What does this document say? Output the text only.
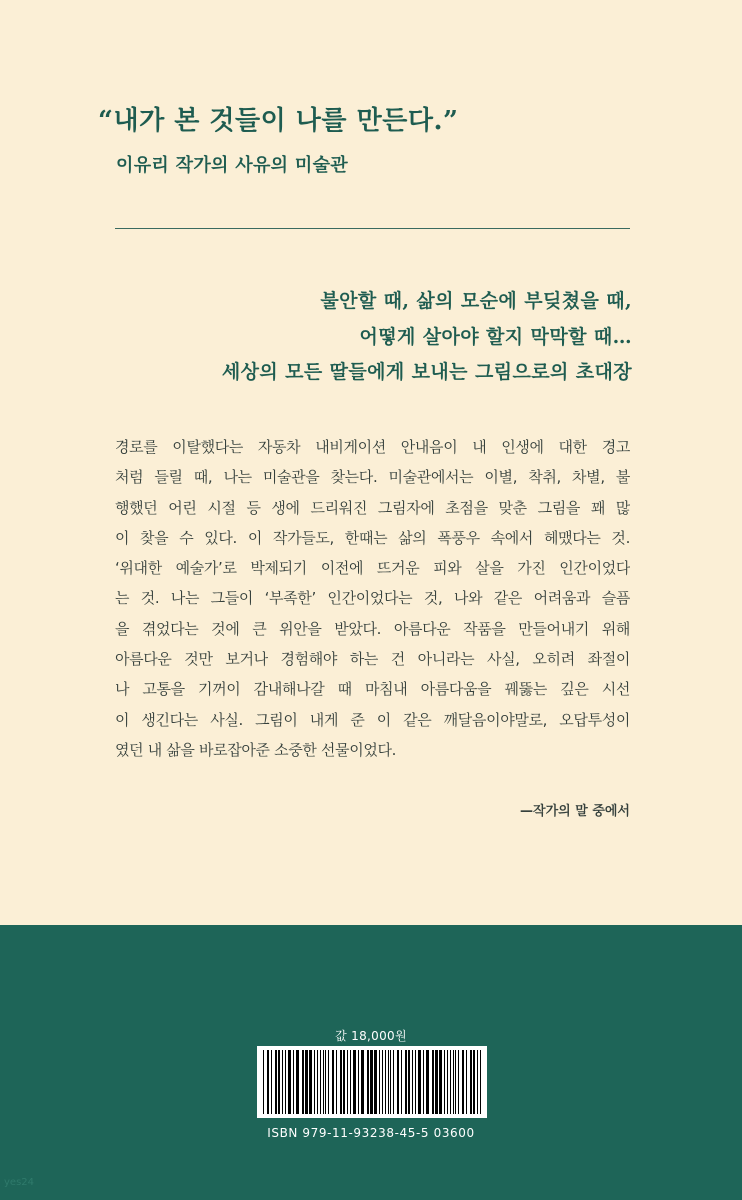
“내가 본 것들이 나를 만든다.”
이유리 작가의 사유의 미술관
불안할 때, 삶의 모순에 부딪쳤을 때,
어떻게 살아야 할지 막막할 때…
세상의 모든 딸들에게 보내는 그림으로의 초대장
경로를 이탈했다는 자동차 내비게이션 안내음이 내 인생에 대한 경고
처럼 들릴 때, 나는 미술관을 찾는다. 미술관에서는 이별, 착취, 차별, 불
행했던 어린 시절 등 생에 드리워진 그림자에 초점을 맞춘 그림을 꽤 많
이 찾을 수 있다. 이 작가들도, 한때는 삶의 폭풍우 속에서 헤맸다는 것.
‘위대한 예술가’로 박제되기 이전에 뜨거운 피와 살을 가진 인간이었다
는 것. 나는 그들이 ‘부족한’ 인간이었다는 것, 나와 같은 어려움과 슬픔
을 겪었다는 것에 큰 위안을 받았다. 아름다운 작품을 만들어내기 위해
아름다운 것만 보거나 경험해야 하는 건 아니라는 사실, 오히려 좌절이
나 고통을 기꺼이 감내해나갈 때 마침내 아름다움을 꿰뚫는 깊은 시선
이 생긴다는 사실. 그림이 내게 준 이 같은 깨달음이야말로, 오답투성이
였던 내 삶을 바로잡아준 소중한 선물이었다.
—작가의 말 중에서
값 18,000원
ISBN 979-11-93238-45-5 03600
yes24
